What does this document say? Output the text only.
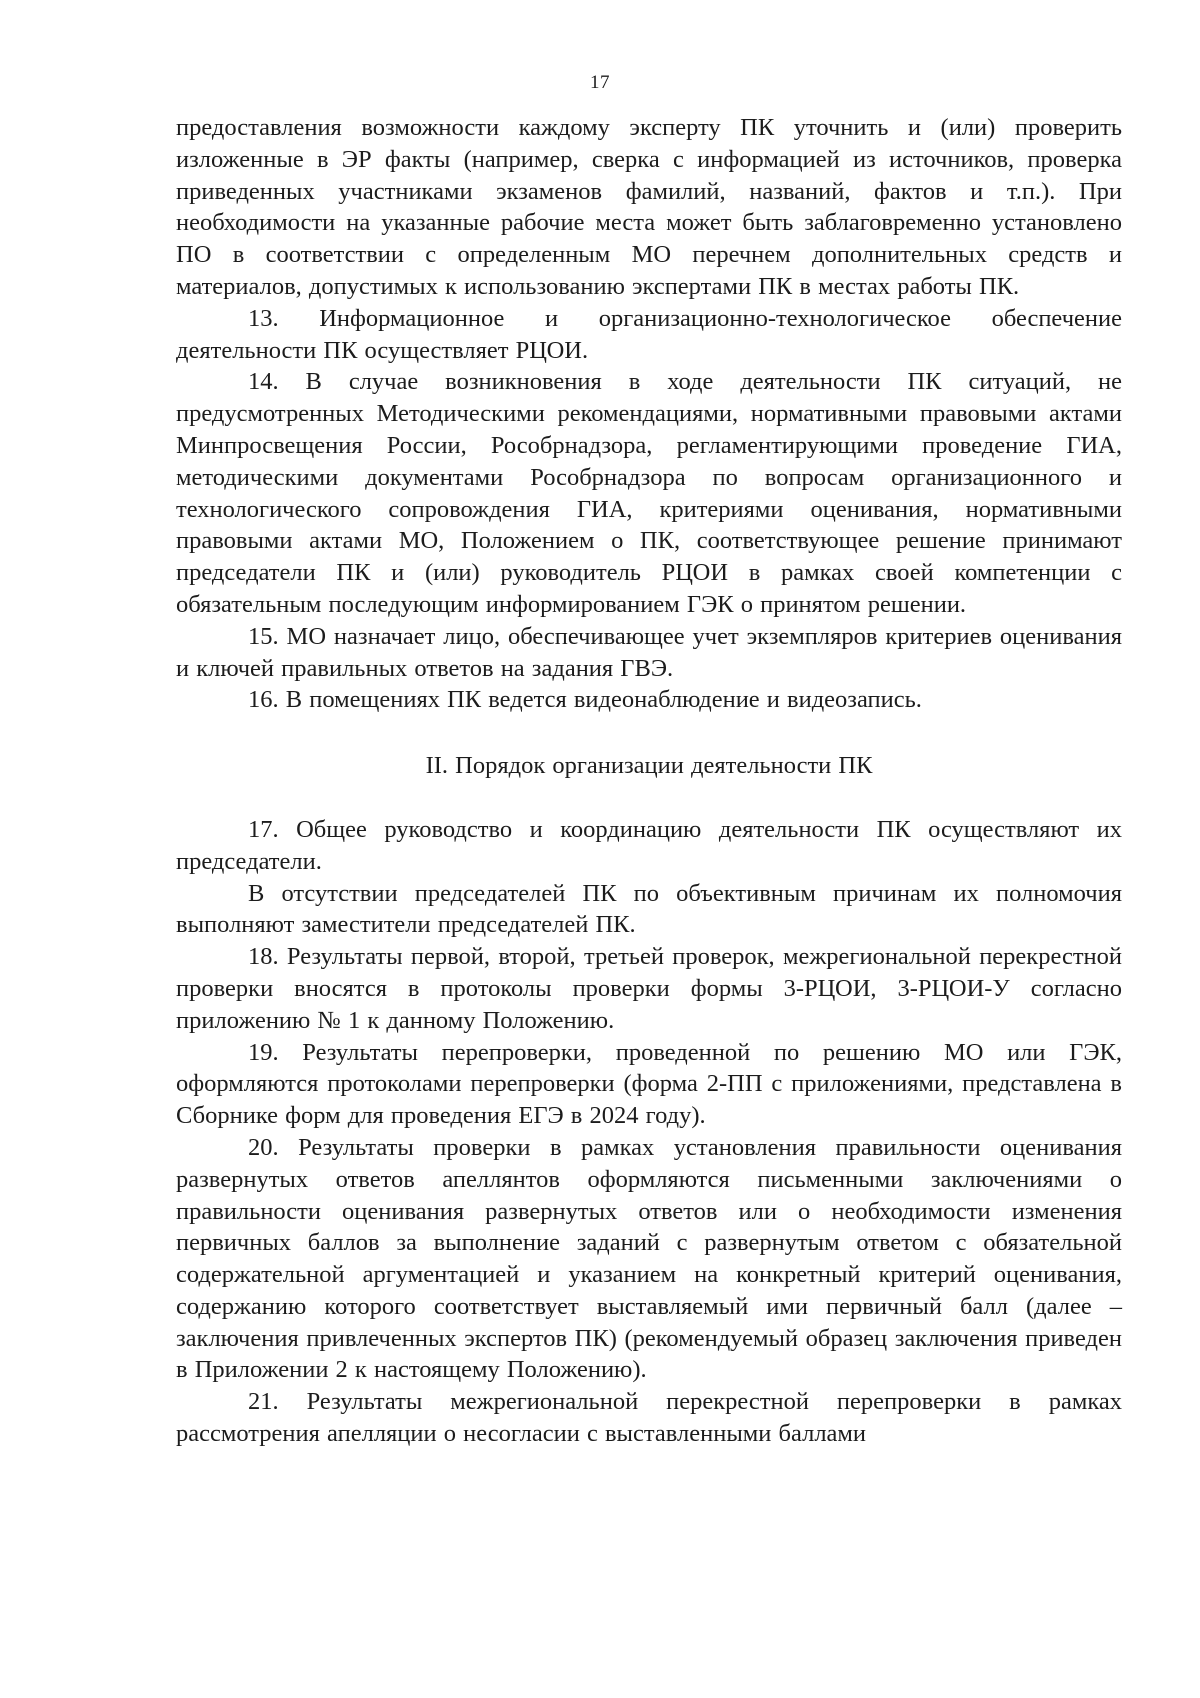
17

предоставления возможности каждому эксперту ПК уточнить и (или) проверить изложенные в ЭР факты (например, сверка с информацией из источников, проверка приведенных участниками экзаменов фамилий, названий, фактов и т.п.). При необходимости на указанные рабочие места может быть заблаговременно установлено ПО в соответствии с определенным МО перечнем дополнительных средств и материалов, допустимых к использованию экспертами ПК в местах работы ПК.

13. Информационное и организационно-технологическое обеспечение деятельности ПК осуществляет РЦОИ.

14. В случае возникновения в ходе деятельности ПК ситуаций, не предусмотренных Методическими рекомендациями, нормативными правовыми актами Минпросвещения России, Рособрнадзора, регламентирующими проведение ГИА, методическими документами Рособрнадзора по вопросам организационного и технологического сопровождения ГИА, критериями оценивания, нормативными правовыми актами МО, Положением о ПК, соответствующее решение принимают председатели ПК и (или) руководитель РЦОИ в рамках своей компетенции с обязательным последующим информированием ГЭК о принятом решении.

15. МО назначает лицо, обеспечивающее учет экземпляров критериев оценивания и ключей правильных ответов на задания ГВЭ.

16. В помещениях ПК ведется видеонаблюдение и видеозапись.

II. Порядок организации деятельности ПК

17. Общее руководство и координацию деятельности ПК осуществляют их председатели.

В отсутствии председателей ПК по объективным причинам их полномочия выполняют заместители председателей ПК.

18. Результаты первой, второй, третьей проверок, межрегиональной перекрестной проверки вносятся в протоколы проверки формы 3-РЦОИ, 3-РЦОИ-У согласно приложению № 1 к данному Положению.

19. Результаты перепроверки, проведенной по решению МО или ГЭК, оформляются протоколами перепроверки (форма 2-ПП с приложениями, представлена в Сборнике форм для проведения ЕГЭ в 2024 году).

20. Результаты проверки в рамках установления правильности оценивания развернутых ответов апеллянтов оформляются письменными заключениями о правильности оценивания развернутых ответов или о необходимости изменения первичных баллов за выполнение заданий с развернутым ответом с обязательной содержательной аргументацией и указанием на конкретный критерий оценивания, содержанию которого соответствует выставляемый ими первичный балл (далее – заключения привлеченных экспертов ПК) (рекомендуемый образец заключения приведен в Приложении 2 к настоящему Положению).

21. Результаты межрегиональной перекрестной перепроверки в рамках рассмотрения апелляции о несогласии с выставленными баллами
